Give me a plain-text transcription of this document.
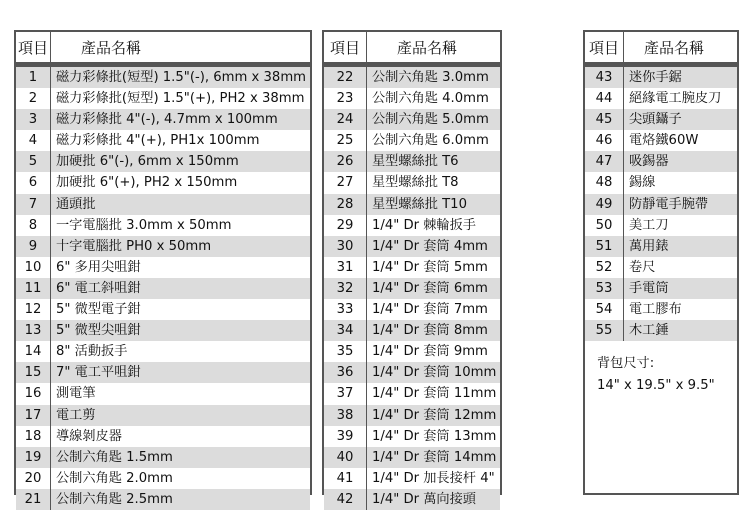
項目	產品名稱
1	磁力彩條批(短型) 1.5"(-), 6mm x 38mm
2	磁力彩條批(短型) 1.5"(+), PH2 x 38mm
3	磁力彩條批 4"(-), 4.7mm x 100mm
4	磁力彩條批 4"(+), PH1x 100mm
5	加硬批 6"(-), 6mm x 150mm
6	加硬批 6"(+), PH2 x 150mm
7	通頭批
8	一字電腦批 3.0mm x 50mm
9	十字電腦批 PH0 x 50mm
10	6" 多用尖咀鉗
11	6" 電工斜咀鉗
12	5" 微型電子鉗
13	5" 微型尖咀鉗
14	8" 活動扳手
15	7" 電工平咀鉗
16	測電筆
17	電工剪
18	導線剝皮器
19	公制六角匙 1.5mm
20	公制六角匙 2.0mm
21	公制六角匙 2.5mm
項目	產品名稱
22	公制六角匙 3.0mm
23	公制六角匙 4.0mm
24	公制六角匙 5.0mm
25	公制六角匙 6.0mm
26	星型螺絲批 T6
27	星型螺絲批 T8
28	星型螺絲批 T10
29	1/4" Dr 棘輪扳手
30	1/4" Dr 套筒 4mm
31	1/4" Dr 套筒 5mm
32	1/4" Dr 套筒 6mm
33	1/4" Dr 套筒 7mm
34	1/4" Dr 套筒 8mm
35	1/4" Dr 套筒 9mm
36	1/4" Dr 套筒 10mm
37	1/4" Dr 套筒 11mm
38	1/4" Dr 套筒 12mm
39	1/4" Dr 套筒 13mm
40	1/4" Dr 套筒 14mm
41	1/4" Dr 加長接杆 4"
42	1/4" Dr 萬向接頭
項目	產品名稱
43	迷你手鋸
44	絕緣電工腕皮刀
45	尖頭鑷子
46	電烙鐵60W
47	吸錫器
48	錫線
49	防靜電手腕帶
50	美工刀
51	萬用錶
52	卷尺
53	手電筒
54	電工膠布
55	木工錘
背包尺寸:
14" x 19.5" x 9.5"
